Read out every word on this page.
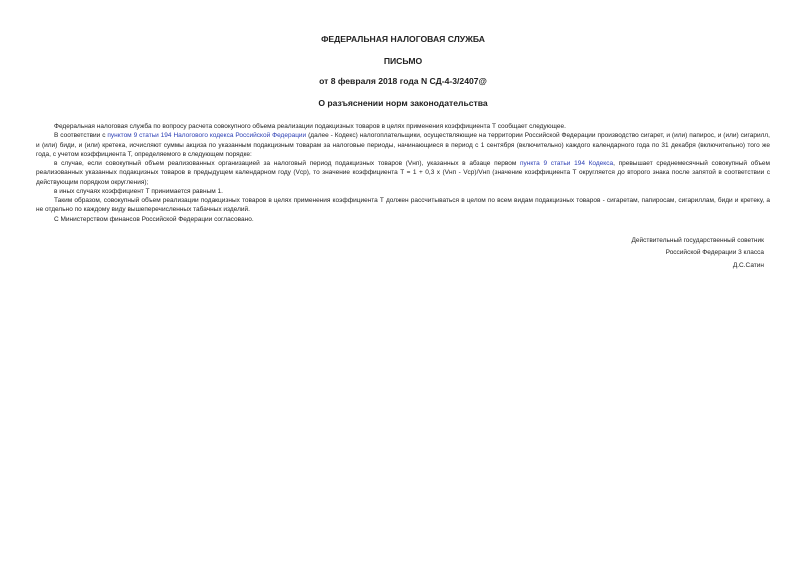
ФЕДЕРАЛЬНАЯ НАЛОГОВАЯ СЛУЖБА
ПИСЬМО
от 8 февраля 2018 года N СД-4-3/2407@
О разъяснении норм законодательства

Федеральная налоговая служба по вопросу расчета совокупного объема реализации подакцизных товаров в целях применения коэффициента Т сообщает следующее.

В соответствии с пунктом 9 статьи 194 Налогового кодекса Российской Федерации (далее - Кодекс) налогоплательщики, осуществляющие на территории Российской Федерации производство сигарет, и (или) папирос, и (или) сигарилл, и (или) биди, и (или) кретека, исчисляют суммы акциза по указанным подакцизным товарам за налоговые периоды, начинающиеся в период с 1 сентября (включительно) каждого календарного года по 31 декабря (включительно) того же года, с учетом коэффициента Т, определяемого в следующем порядке:

в случае, если совокупный объем реализованных организацией за налоговый период подакцизных товаров (Vнп), указанных в абзаце первом пункта 9 статьи 194 Кодекса, превышает среднемесячный совокупный объем реализованных указанных подакцизных товаров в предыдущем календарном году (Vср), то значение коэффициента Т = 1 + 0,3 x (Vнп - Vср)/Vнп (значение коэффициента Т округляется до второго знака после запятой в соответствии с действующим порядком округления);

в иных случаях коэффициент Т принимается равным 1.

Таким образом, совокупный объем реализации подакцизных товаров в целях применения коэффициента Т должен рассчитываться в целом по всем видам подакцизных товаров - сигаретам, папиросам, сигариллам, биди и кретеку, а не отдельно по каждому виду вышеперечисленных табачных изделий.

С Министерством финансов Российской Федерации согласовано.

Действительный государственный советник
Российской Федерации 3 класса
Д.С.Сатин
